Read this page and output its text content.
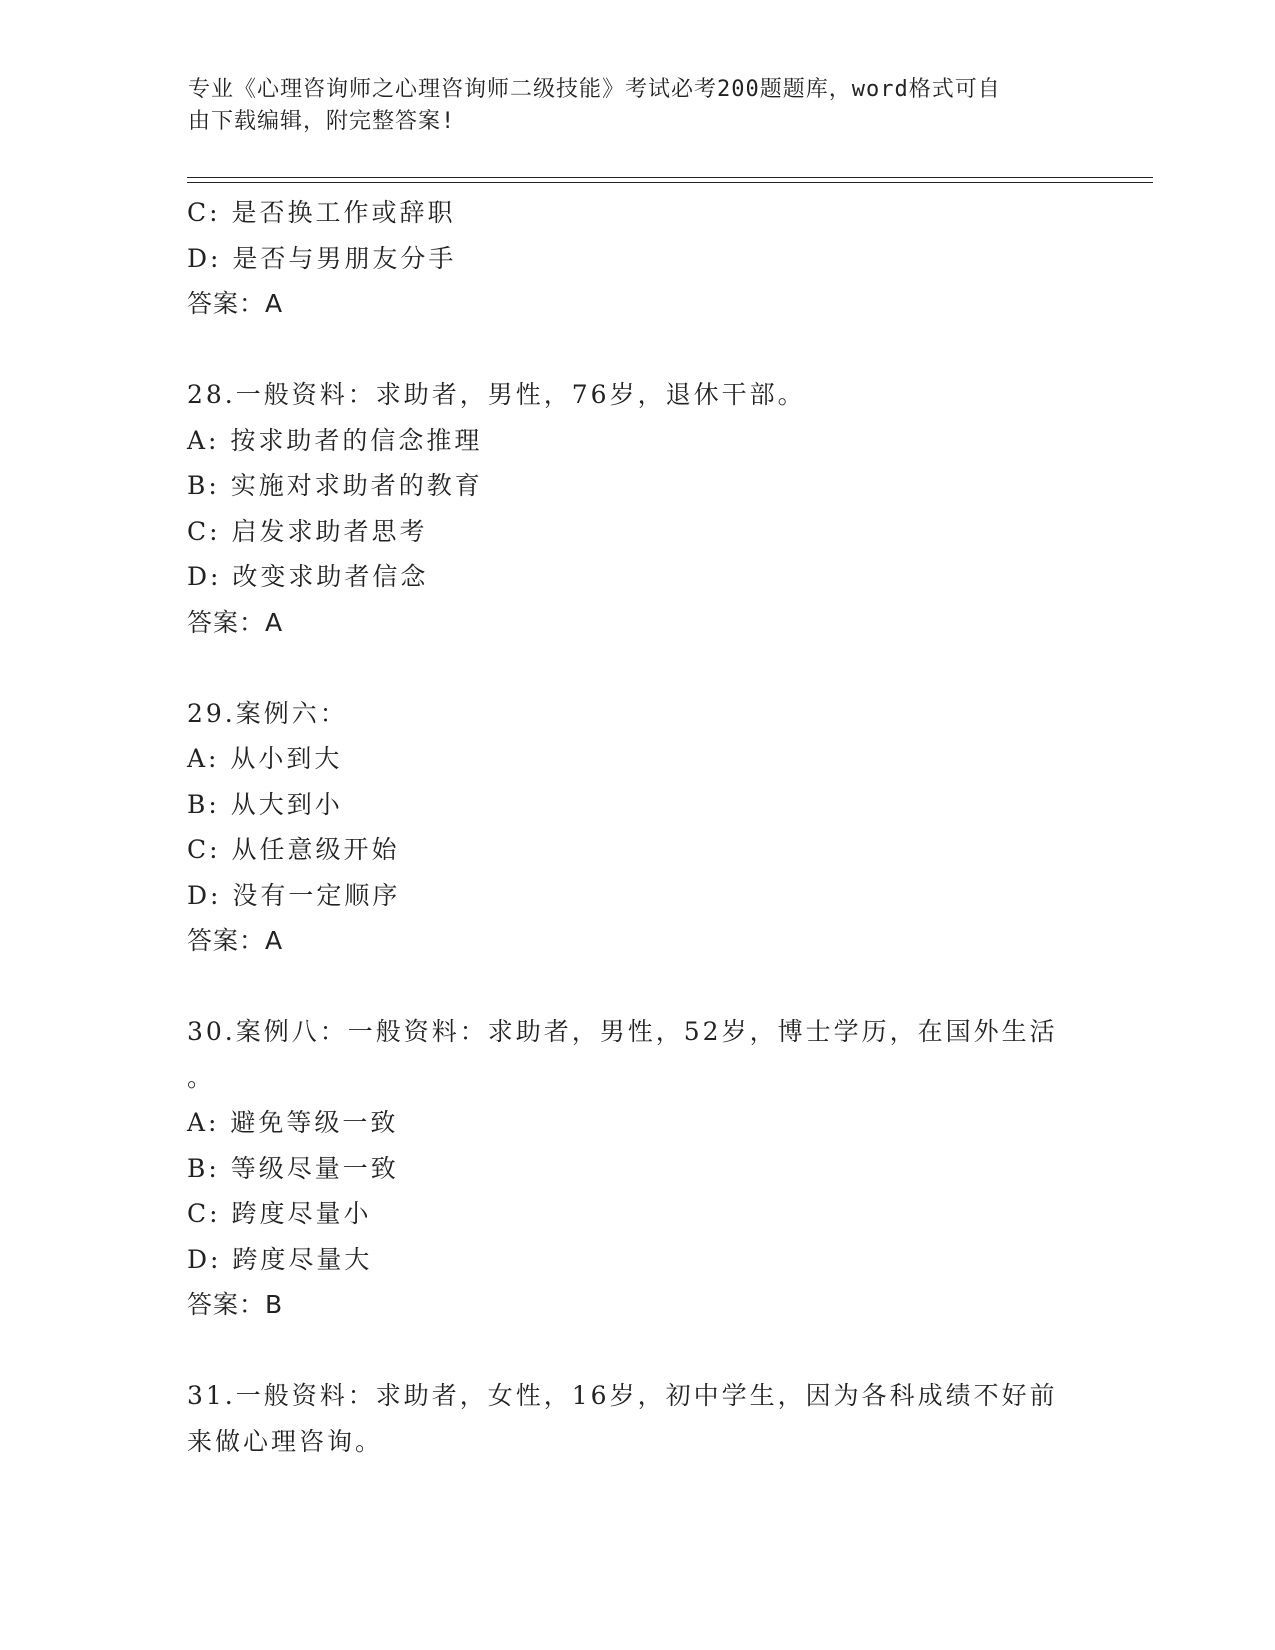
专业《心理咨询师之心理咨询师二级技能》考试必考200题题库，word格式可自
由下载编辑，附完整答案!
C: 是否换工作或辞职
D: 是否与男朋友分手
答案：A
28.一般资料：求助者，男性，76岁，退休干部。
A: 按求助者的信念推理
B: 实施对求助者的教育
C: 启发求助者思考
D: 改变求助者信念
答案：A
29.案例六：
A: 从小到大
B: 从大到小
C: 从任意级开始
D: 没有一定顺序
答案：A
30.案例八：一般资料：求助者，男性，52岁，博士学历，在国外生活
。
A: 避免等级一致
B: 等级尽量一致
C: 跨度尽量小
D: 跨度尽量大
答案：B
31.一般资料：求助者，女性，16岁，初中学生，因为各科成绩不好前
来做心理咨询。
